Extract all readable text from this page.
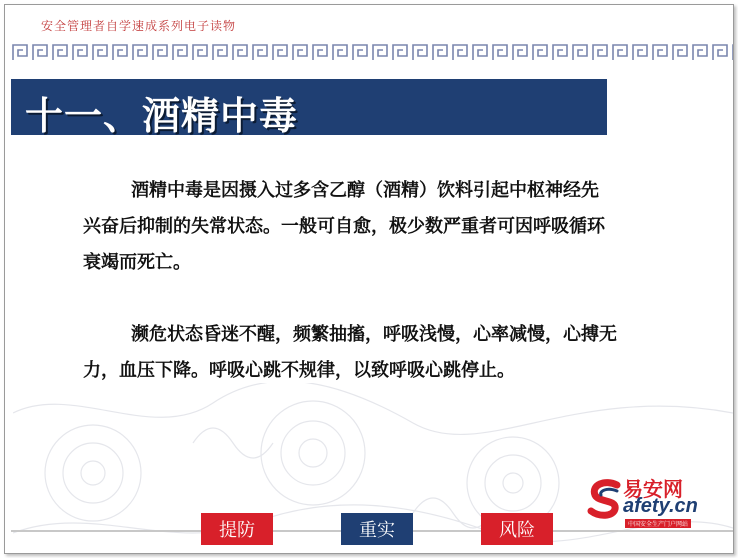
安全管理者自学速成系列电子读物
十一、酒精中毒

酒精中毒是因摄入过多含乙醇（酒精）饮料引起中枢神经先
兴奋后抑制的失常状态。一般可自愈，极少数严重者可因呼吸循环
衰竭而死亡。

濒危状态昏迷不醒，频繁抽搐，呼吸浅慢，心率减慢，心搏无
力，血压下降。呼吸心跳不规律，以致呼吸心跳停止。

提防	重实	风险
易安网
afety.cn
中国安全生产门户网站
